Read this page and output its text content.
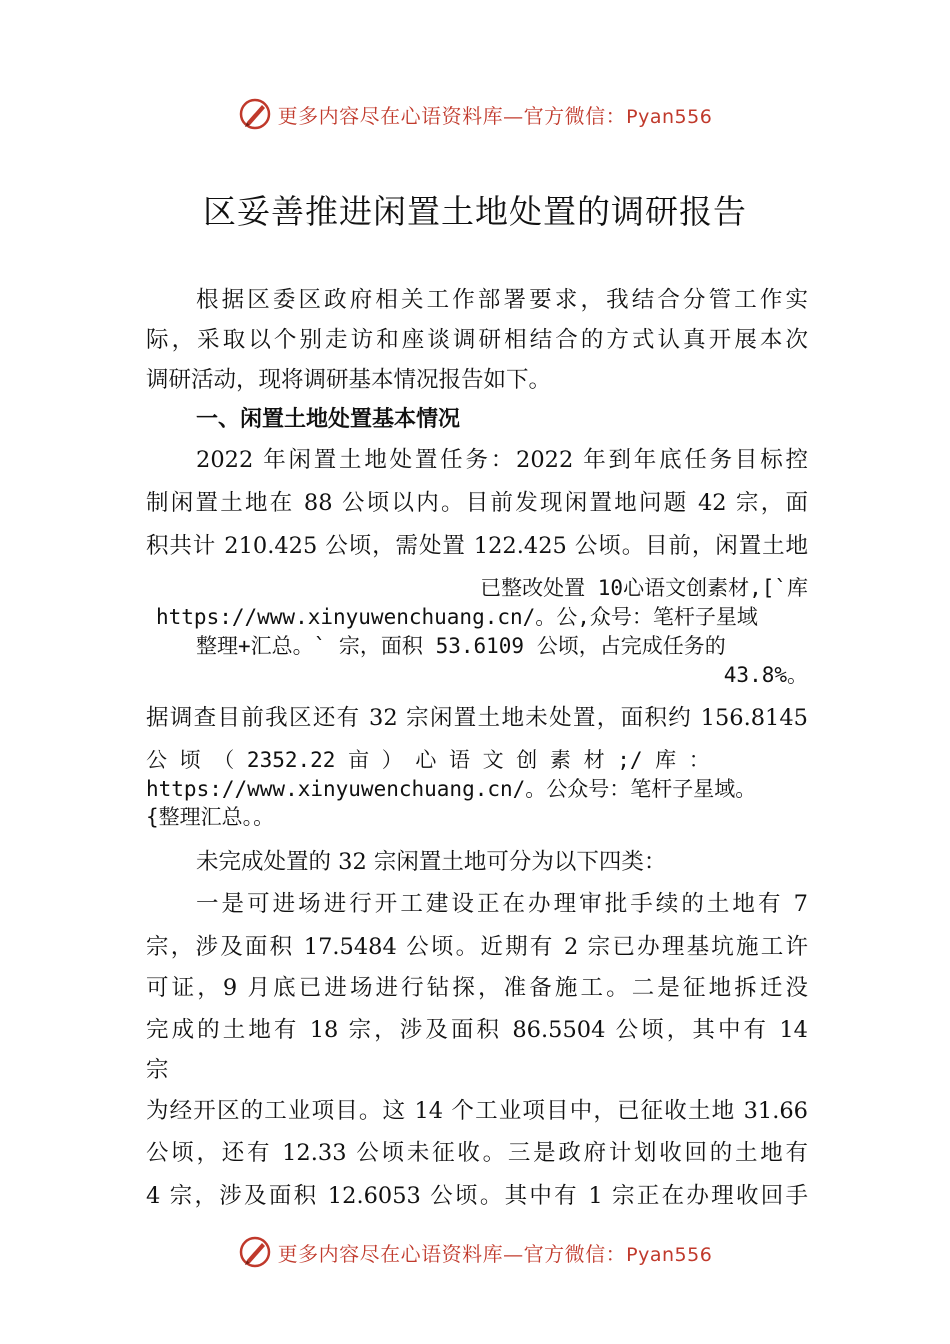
更多内容尽在心语资料库—官方微信：Pyan556
区妥善推进闲置土地处置的调研报告
根据区委区政府相关工作部署要求，我结合分管工作实
际，采取以个别走访和座谈调研相结合的方式认真开展本次
调研活动，现将调研基本情况报告如下。
一、闲置土地处置基本情况
2022 年闲置土地处置任务：2022 年到年底任务目标控
制闲置土地在 88 公顷以内。目前发现闲置地问题 42 宗，面
积共计 210.425 公顷，需处置 122.425 公顷。目前，闲置土地
已整改处置 10心语文创素材,[`库
https://www.xinyuwenchuang.cn/。公,众号：笔杆子星域
整理+汇总。` 宗，面积 53.6109 公顷，占完成任务的
43.8%。
据调查目前我区还有 32 宗闲置土地未处置，面积约 156.8145
公 顷 （ 2352.22 亩 ） 心 语 文 创 素 材 ;/ 库 ：
https://www.xinyuwenchuang.cn/。公众号：笔杆子星域。
{整理汇总。。
未完成处置的 32 宗闲置土地可分为以下四类：
一是可进场进行开工建设正在办理审批手续的土地有 7
宗，涉及面积 17.5484 公顷。近期有 2 宗已办理基坑施工许
可证，9 月底已进场进行钻探，准备施工。二是征地拆迁没
完成的土地有 18 宗，涉及面积 86.5504 公顷，其中有 14
宗
为经开区的工业项目。这 14 个工业项目中，已征收土地 31.66
公顷，还有 12.33 公顷未征收。三是政府计划收回的土地有
4 宗，涉及面积 12.6053 公顷。其中有 1 宗正在办理收回手
更多内容尽在心语资料库—官方微信：Pyan556
